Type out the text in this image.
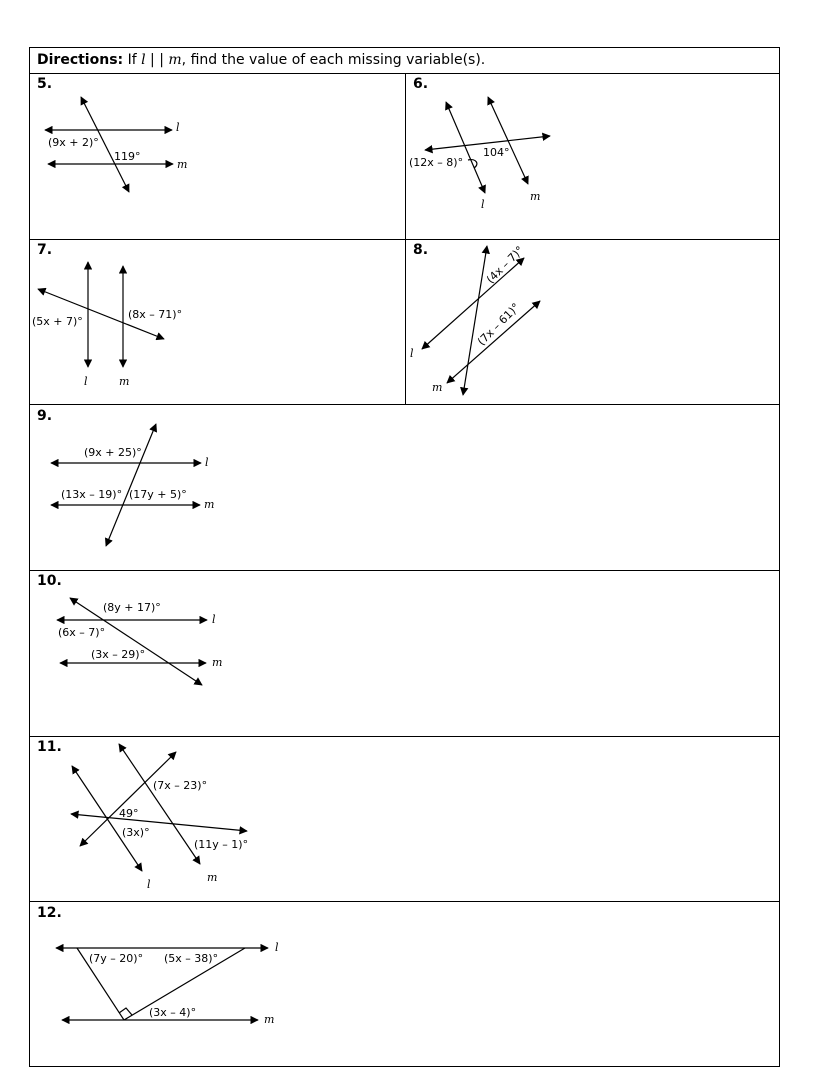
Directions: If l | | m, find the value of each missing variable(s).
5.	6.
7.	8.
9.
10.
11.
12.
l
m
(9x + 2)°
119°
l
m
104°
(12x – 8)°
l	m
(5x + 7)°
(8x – 71)°
l
m
(4x – 7)°
(7x – 61)°
l
m
(9x + 25)°
(13x – 19)° (17y + 5)°
l
m
(8y + 17)°
(6x – 7)°
(3x – 29)°
l
m
(7x – 23)°
49°
(3x)°
(11y – 1)°
l
m
(7y – 20)° (5x – 38)°
(3x – 4)°
